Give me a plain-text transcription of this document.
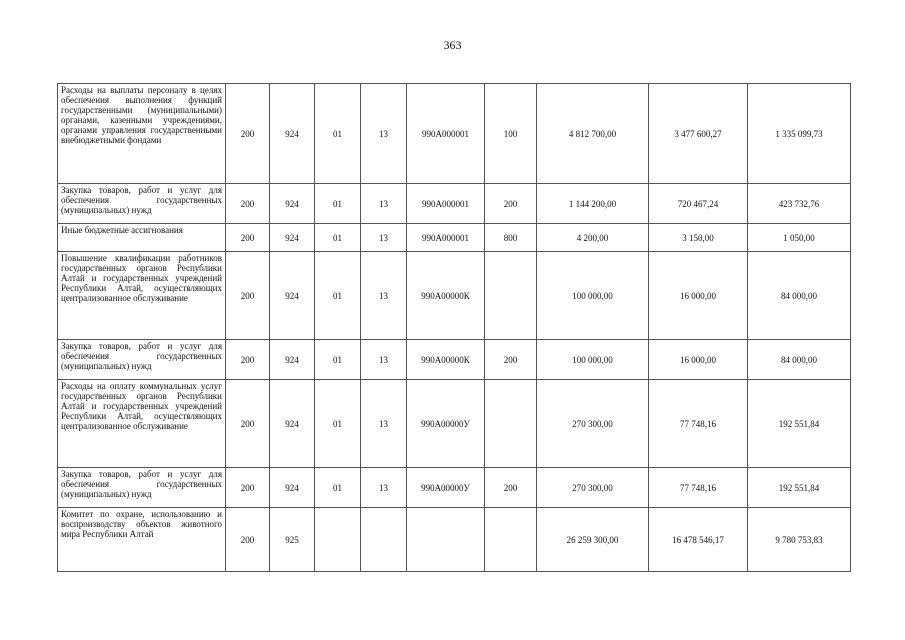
363
Расходы на выплаты персоналу в целях обеспечения выполнения функций государственными (муниципальными) органами, казенными учреждениями, органами управления государственными внебюджетными фондами	200	924	01	13	990А000001	100	4 812 700,00	3 477 600,27	1 335 099,73
Закупка товаров, работ и услуг для обеспечения государственных (муниципальных) нужд	200	924	01	13	990А000001	200	1 144 200,00	720 467,24	423 732,76
Иные бюджетные ассигнования	200	924	01	13	990А000001	800	4 200,00	3 150,00	1 050,00
Повышение квалификации работников государственных органов Республики Алтай и государственных учреждений Республики Алтай, осуществляющих централизованное обслуживание	200	924	01	13	990А00000К		100 000,00	16 000,00	84 000,00
Закупка товаров, работ и услуг для обеспечения государственных (муниципальных) нужд	200	924	01	13	990А00000К	200	100 000,00	16 000,00	84 000,00
Расходы на оплату коммунальных услуг государственных органов Республики Алтай и государственных учреждений Республики Алтай, осуществляющих централизованное обслуживание	200	924	01	13	990А00000У		270 300,00	77 748,16	192 551,84
Закупка товаров, работ и услуг для обеспечения государственных (муниципальных) нужд	200	924	01	13	990А00000У	200	270 300,00	77 748,16	192 551,84
Комитет по охране, использованию и воспроизводству объектов животного мира Республики Алтай	200	925					26 259 300,00	16 478 546,17	9 780 753,83
